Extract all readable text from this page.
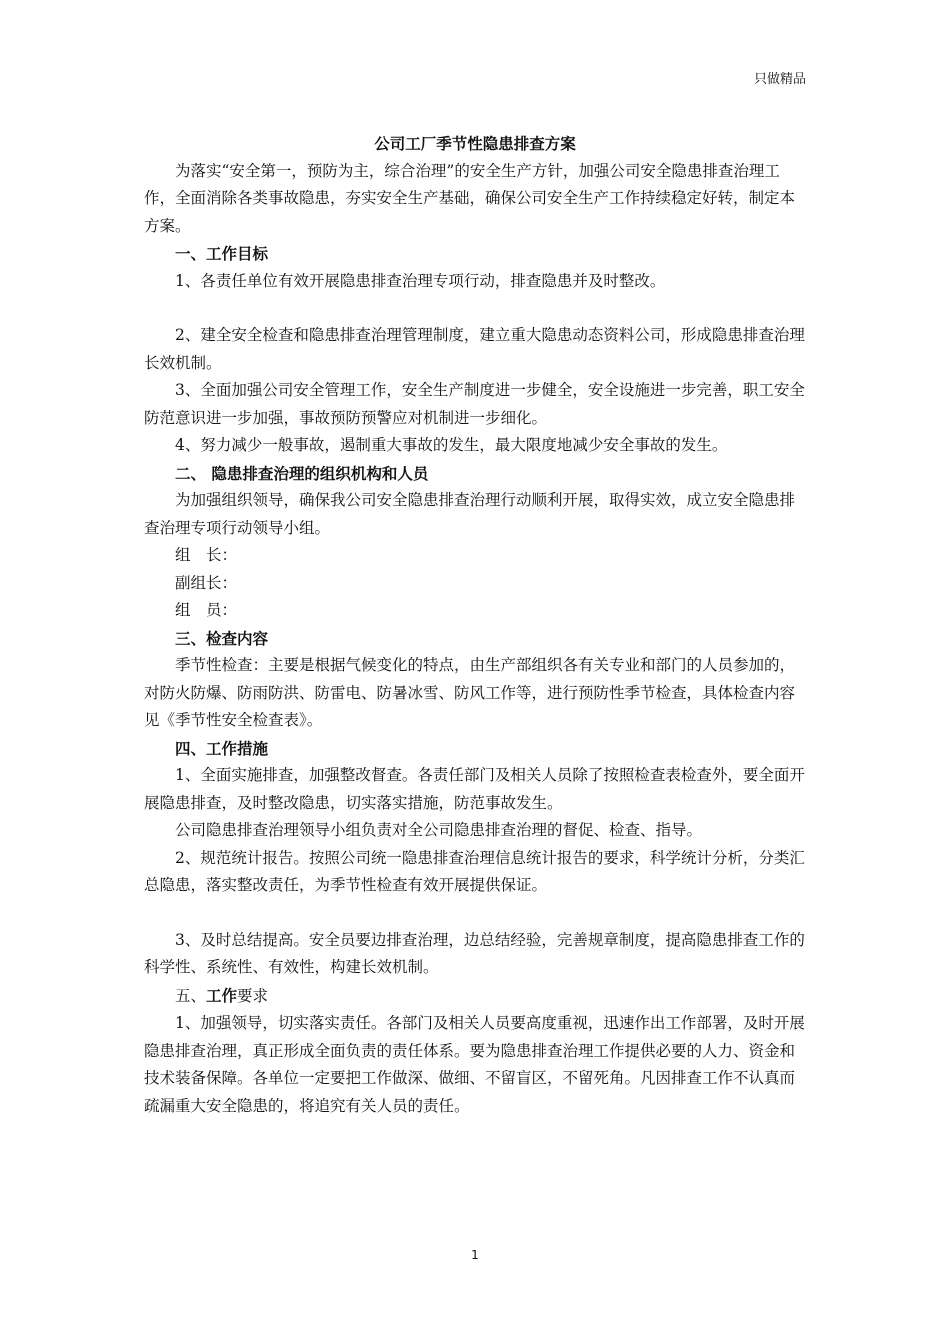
只做精品

公司工厂季节性隐患排查方案

为落实“安全第一，预防为主，综合治理”的安全生产方针，加强公司安全隐患排查治理工作，全面消除各类事故隐患，夯实安全生产基础，确保公司安全生产工作持续稳定好转，制定本方案。

一、工作目标

1、各责任单位有效开展隐患排查治理专项行动，排查隐患并及时整改。

2、建全安全检查和隐患排查治理管理制度，建立重大隐患动态资料公司，形成隐患排查治理长效机制。

3、全面加强公司安全管理工作，安全生产制度进一步健全，安全设施进一步完善，职工安全防范意识进一步加强，事故预防预警应对机制进一步细化。

4、努力减少一般事故，遏制重大事故的发生，最大限度地减少安全事故的发生。

二、 隐患排查治理的组织机构和人员

为加强组织领导，确保我公司安全隐患排查治理行动顺利开展，取得实效，成立安全隐患排查治理专项行动领导小组。

组　长：

副组长：

组　员：

三、检查内容

季节性检查：主要是根据气候变化的特点，由生产部组织各有关专业和部门的人员参加的，对防火防爆、防雨防洪、防雷电、防暑冰雪、防风工作等，进行预防性季节检查，具体检查内容见《季节性安全检查表》。

四、工作措施

1、全面实施排查，加强整改督查。各责任部门及相关人员除了按照检查表检查外，要全面开展隐患排查，及时整改隐患，切实落实措施，防范事故发生。

公司隐患排查治理领导小组负责对全公司隐患排查治理的督促、检查、指导。

2、规范统计报告。按照公司统一隐患排查治理信息统计报告的要求，科学统计分析，分类汇总隐患，落实整改责任，为季节性检查有效开展提供保证。

3、及时总结提高。安全员要边排查治理，边总结经验，完善规章制度，提高隐患排查工作的科学性、系统性、有效性，构建长效机制。

五、工作要求

1、加强领导，切实落实责任。各部门及相关人员要高度重视，迅速作出工作部署，及时开展隐患排查治理，真正形成全面负责的责任体系。要为隐患排查治理工作提供必要的人力、资金和技术装备保障。各单位一定要把工作做深、做细、不留盲区，不留死角。凡因排查工作不认真而疏漏重大安全隐患的，将追究有关人员的责任。

1
